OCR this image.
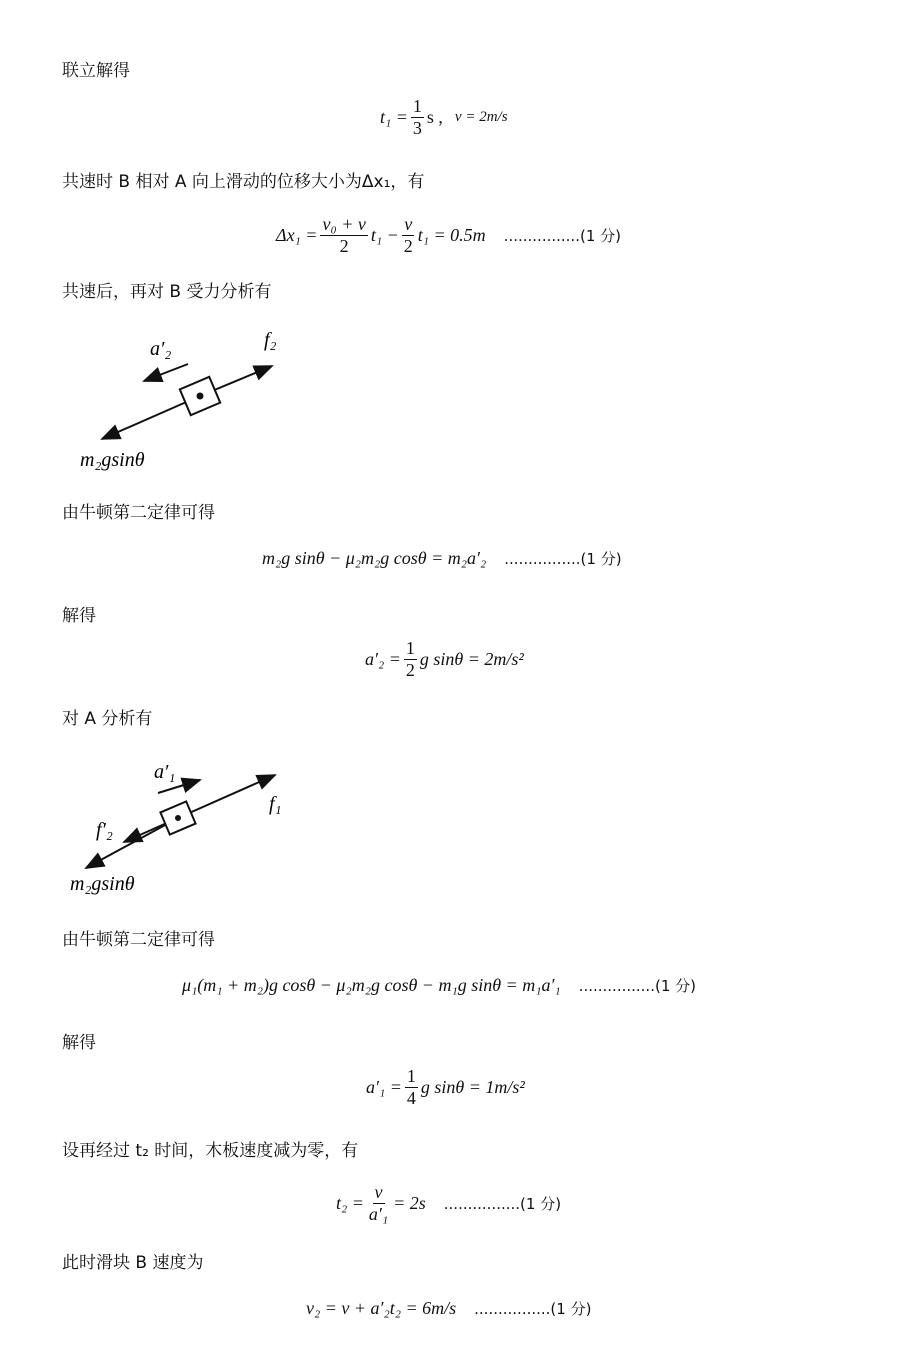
联立解得
$t_1 = \frac{1}{3}$ s , v = 2m/s
共速时 B 相对 A 向上滑动的位移大小为Δx₁，有
$\Delta x_1 = \frac{\text{v₀ + v}}{2} t_1 - \frac{v}{2} t_1 = 0.5m$ ................(1 分)
共速后，再对 B 受力分析有
a′₂	f₂
m₂gsinθ
由牛顿第二定律可得
m₂g sinθ − μ₂m₂g cosθ = m₂a′₂ ................(1 分)
解得
$a'_2 = \frac{1}{2}$ g sinθ = 2m/s²
对 A 分析有
a′₁
f₁
f′₂
m₂gsinθ
由牛顿第二定律可得
μ₁(m₁ + m₂)g cosθ − μ₂m₂g cosθ − m₁g sinθ = m₁a′₁ ................(1 分)
解得
$a'_1 = \frac{1}{4}$ g sinθ = 1m/s²
设再经过 t₂ 时间，木板速度减为零，有
$t_2 = \frac{v}{\text{a′₁}} = 2s$ ................(1 分)
此时滑块 B 速度为
v₂ = v + a′₂t₂ = 6m/s ................(1 分)
